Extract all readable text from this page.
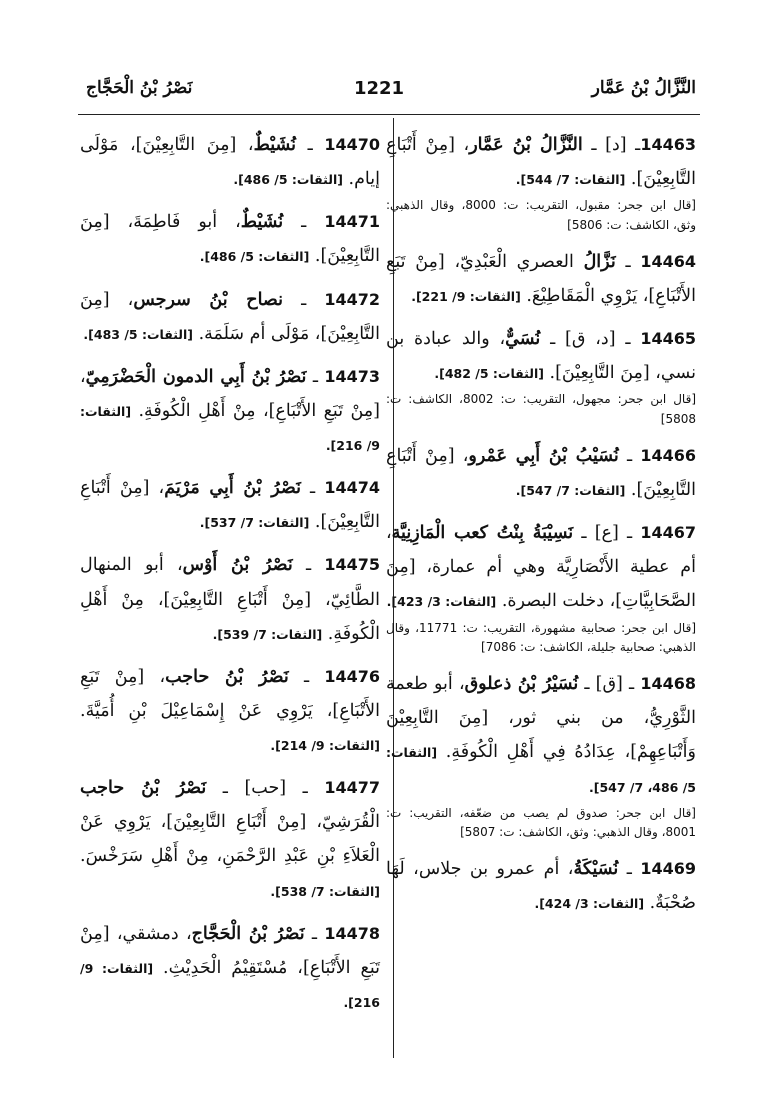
النَّزَّالُ بْنُ عَمَّار
1221
نَصْرُ بْنُ الْحَجَّاج
14463ـ [د] ـ النَّزَّالُ بْنُ عَمَّار، [مِنْ أَتْبَاعِ التَّابِعِيْنَ]. [الثقات: 7/ 544].
[قال ابن جحر: مقبول، التقريب: ت: 8000، وقال الذهبي: وثق، الكاشف: ت: 5806]
14464 ـ نَزَّالُ العصري الْعَبْدِيّ، [مِنْ تَبَعِ الأَتْبَاعِ]، يَرْوِي الْمَقَاطِيْعَ. [الثقات: 9/ 221].
14465 ـ [د، ق] ـ نُسَيٌّ، والد عبادة بن نسي، [مِنَ التَّابِعِيْنَ]. [الثقات: 5/ 482].
[قال ابن جحر: مجهول، التقريب: ت: 8002، الكاشف: ت: 5808]
14466 ـ نُسَيْبُ بْنُ أَبِي عَمْرو، [مِنْ أَتْبَاعِ التَّابِعِيْنَ]. [الثقات: 7/ 547].
14467 ـ [ع] ـ نَسِيْبَةُ بِنْتُ كعب الْمَازِنِيَّة، أم عطية الأَنْصَارِيَّة وهي أم عمارة، [مِنَ الصَّحَابِيَّاتِ]، دخلت البصرة. [الثقات: 3/ 423].
[قال ابن جحر: صحابية مشهورة، التقريب: ت: 11771، وقال الذهبي: صحابية جليلة، الكاشف: ت: 7086]
14468 ـ [ق] ـ نُسَيْرُ بْنُ ذعلوق، أبو طعمة الثَّوْرِيُّ، من بني ثور، [مِنَ التَّابِعِيْنَ وَأَتْبَاعِهِمْ]، عِدَادُهُ فِي أَهْلِ الْكُوفَةِ. [الثقات: 5/ 486، 7/ 547].
[قال ابن جحر: صدوق لم يصب من ضعّفه، التقريب: ت: 8001، وقال الذهبي: وثق، الكاشف: ت: 5807]
14469 ـ نُسَيْكَةُ، أم عمرو بن جلاس، لَهَا صُحْبَةٌ. [الثقات: 3/ 424].
14470 ـ نُشَيْطٌ، [مِنَ التَّابِعِيْنَ]، مَوْلَى إيام. [الثقات: 5/ 486].
14471 ـ نُشَيْطٌ، أبو فَاطِمَةَ، [مِنَ التَّابِعِيْنَ]. [الثقات: 5/ 486].
14472 ـ نصاح بْنُ سرجس، [مِنَ التَّابِعِيْنَ]، مَوْلَى أم سَلَمَة. [الثقات: 5/ 483].
14473 ـ نَصْرُ بْنُ أَبِي الدمون الْحَضْرَمِيّ، [مِنْ تَبَعِ الأَتْبَاعِ]، مِنْ أَهْلِ الْكُوفَةِ. [الثقات: 9/ 216].
14474 ـ نَصْرُ بْنُ أَبِي مَرْيَمَ، [مِنْ أَتْبَاعِ التَّابِعِيْنَ]. [الثقات: 7/ 537].
14475 ـ نَصْرُ بْنُ أَوْس، أبو المنهال الطَّائِيّ، [مِنْ أَتْبَاعِ التَّابِعِيْنَ]، مِنْ أَهْلِ الْكُوفَةِ. [الثقات: 7/ 539].
14476 ـ نَصْرُ بْنُ حاجب، [مِنْ تَبَعِ الأَتْبَاعِ]، يَرْوِي عَنْ إِسْمَاعِيْلَ بْنِ أُمَيَّةَ. [الثقات: 9/ 214].
14477 ـ [حب] ـ نَصْرُ بْنُ حاجب الْقُرَشِيّ، [مِنْ أَتْبَاعِ التَّابِعِيْنَ]، يَرْوِي عَنْ الْعَلاَءِ بْنِ عَبْدِ الرَّحْمَنِ، مِنْ أَهْلِ سَرَخْسَ. [الثقات: 7/ 538].
14478 ـ نَصْرُ بْنُ الْحَجَّاج، دمشقي، [مِنْ تَبَعِ الأَتْبَاعِ]، مُسْتَقِيْمُ الْحَدِيْثِ. [الثقات: 9/ 216].
